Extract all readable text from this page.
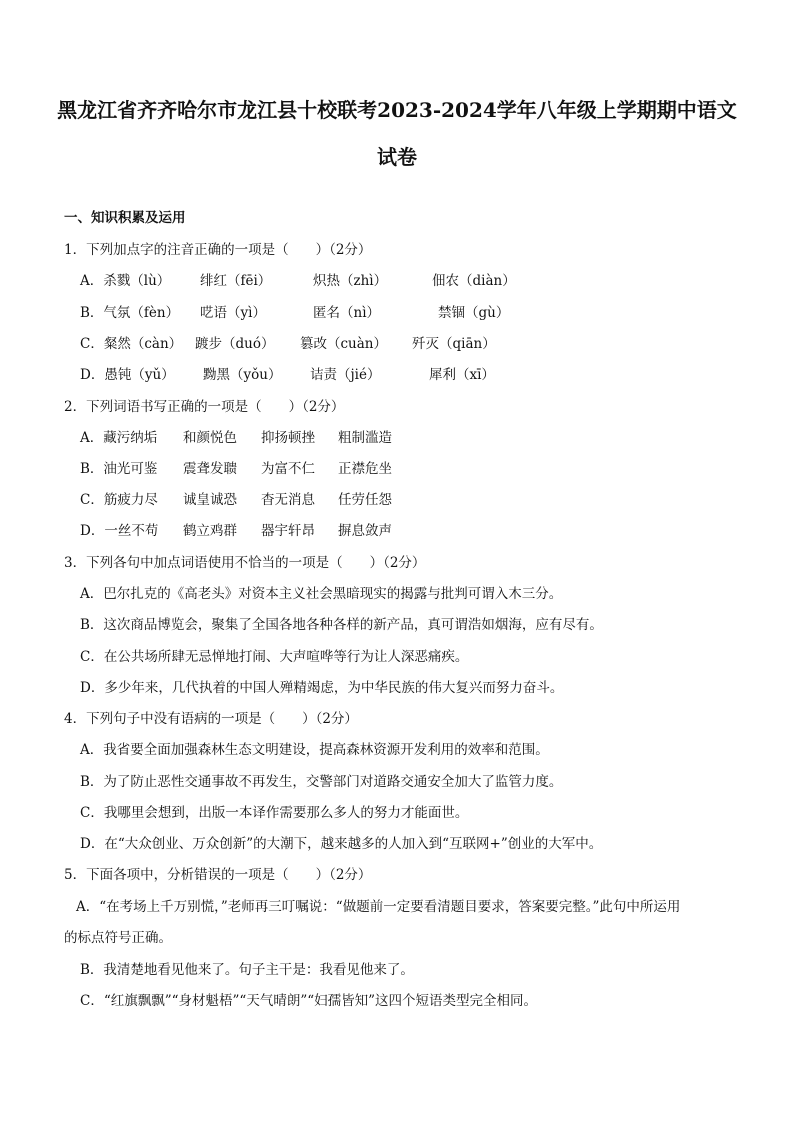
黑龙江省齐齐哈尔市龙江县十校联考2023-2024学年八年级上学期期中语文
试卷
一、知识积累及运用
1．下列加点字的注音正确的一项是（　　）（2分）
A．杀戮（lù） 绯红（fēi）	炽热（zhì）	佃农（diàn）
B．气氛（fèn） 呓语（yì）	匿名（nì）	禁锢（gù）
C．粲然（càn） 踱步（duó） 篡改（cuàn） 歼灭（qiān）
D．愚钝（yǔ） 黝黑（yǒu） 诘责（jié）	犀利（xī）
2．下列词语书写正确的一项是（　　）（2分）
A．藏污纳垢 和颜悦色 抑扬顿挫 粗制滥造
B．油光可鉴 震聋发聩 为富不仁 正襟危坐
C．筋疲力尽 诚皇诚恐 杳无消息 任劳任怨
D．一丝不苟 鹤立鸡群 器宇轩昂 摒息敛声
3．下列各句中加点词语使用不恰当的一项是（　　）（2分）
A．巴尔扎克的《高老头》对资本主义社会黑暗现实的揭露与批判可谓入木三分。
B．这次商品博览会，聚集了全国各地各种各样的新产品，真可谓浩如烟海，应有尽有。
C．在公共场所肆无忌惮地打闹、大声喧哗等行为让人深恶痛疾。
D．多少年来，几代执着的中国人殚精竭虑，为中华民族的伟大复兴而努力奋斗。
4．下列句子中没有语病的一项是（　　）（2分）
A．我省要全面加强森林生态文明建设，提高森林资源开发利用的效率和范围。
B．为了防止恶性交通事故不再发生，交警部门对道路交通安全加大了监管力度。
C．我哪里会想到，出版一本译作需要那么多人的努力才能面世。
D．在“大众创业、万众创新”的大潮下，越来越多的人加入到“互联网+”创业的大军中。
5．下面各项中，分析错误的一项是（　　）（2分）
A．“在考场上千万别慌，”老师再三叮嘱说：“做题前一定要看清题目要求，答案要完整。”此句中所运用
的标点符号正确。
B．我清楚地看见他来了。句子主干是：我看见他来了。
C．“红旗飘飘”“身材魁梧”“天气晴朗”“妇孺皆知”这四个短语类型完全相同。
